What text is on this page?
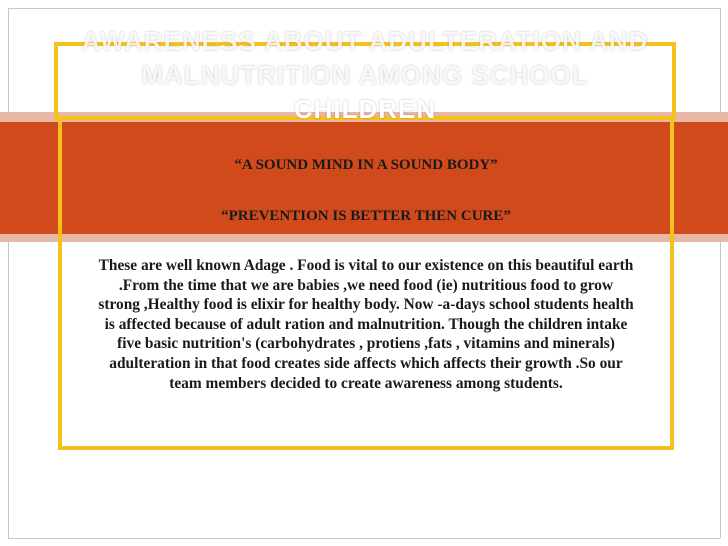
AWARENESS ABOUT ADULTERATION AND
MALNUTRITION AMONG SCHOOL
CHILDREN
“A SOUND MIND IN A SOUND BODY”
“PREVENTION IS BETTER THEN CURE”
These are well known Adage . Food is vital to our existence on this beautiful earth
.From the time that we are babies ,we need food (ie) nutritious food to grow
strong ,Healthy food is elixir for healthy body. Now -a-days school students health
is affected because of adult ration and malnutrition. Though the children intake
five basic nutrition's (carbohydrates , protiens ,fats , vitamins and minerals)
adulteration in that food creates side affects which affects their growth .So our
team members decided to create awareness among students.
